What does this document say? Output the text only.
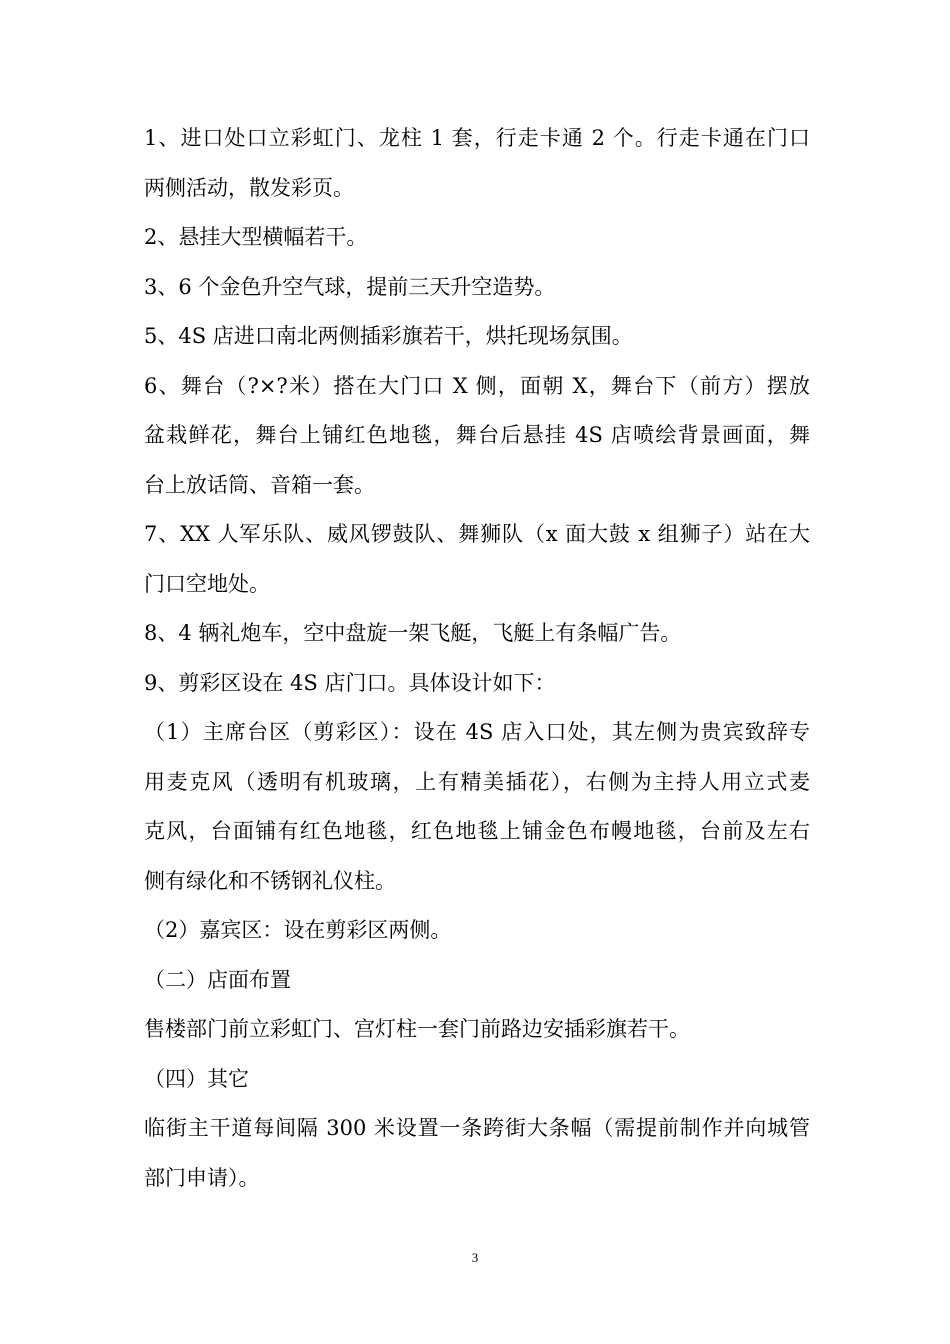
1、进口处口立彩虹门、龙柱 1 套，行走卡通 2 个。行走卡通在门口
两侧活动，散发彩页。
2、悬挂大型横幅若干。
3、6 个金色升空气球，提前三天升空造势。
5、4S 店进口南北两侧插彩旗若干，烘托现场氛围。
6、舞台（?×?米）搭在大门口 X 侧，面朝 X，舞台下（前方）摆放
盆栽鲜花，舞台上铺红色地毯，舞台后悬挂 4S 店喷绘背景画面，舞
台上放话筒、音箱一套。
7、XX 人军乐队、威风锣鼓队、舞狮队（x 面大鼓 x 组狮子）站在大
门口空地处。
8、4 辆礼炮车，空中盘旋一架飞艇，飞艇上有条幅广告。
9、剪彩区设在 4S 店门口。具体设计如下：
（1）主席台区（剪彩区）：设在 4S 店入口处，其左侧为贵宾致辞专
用麦克风（透明有机玻璃，上有精美插花），右侧为主持人用立式麦
克风，台面铺有红色地毯，红色地毯上铺金色布幔地毯，台前及左右
侧有绿化和不锈钢礼仪柱。
（2）嘉宾区：设在剪彩区两侧。
（二）店面布置
售楼部门前立彩虹门、宫灯柱一套门前路边安插彩旗若干。
（四）其它
临街主干道每间隔 300 米设置一条跨街大条幅（需提前制作并向城管
部门申请）。
3
